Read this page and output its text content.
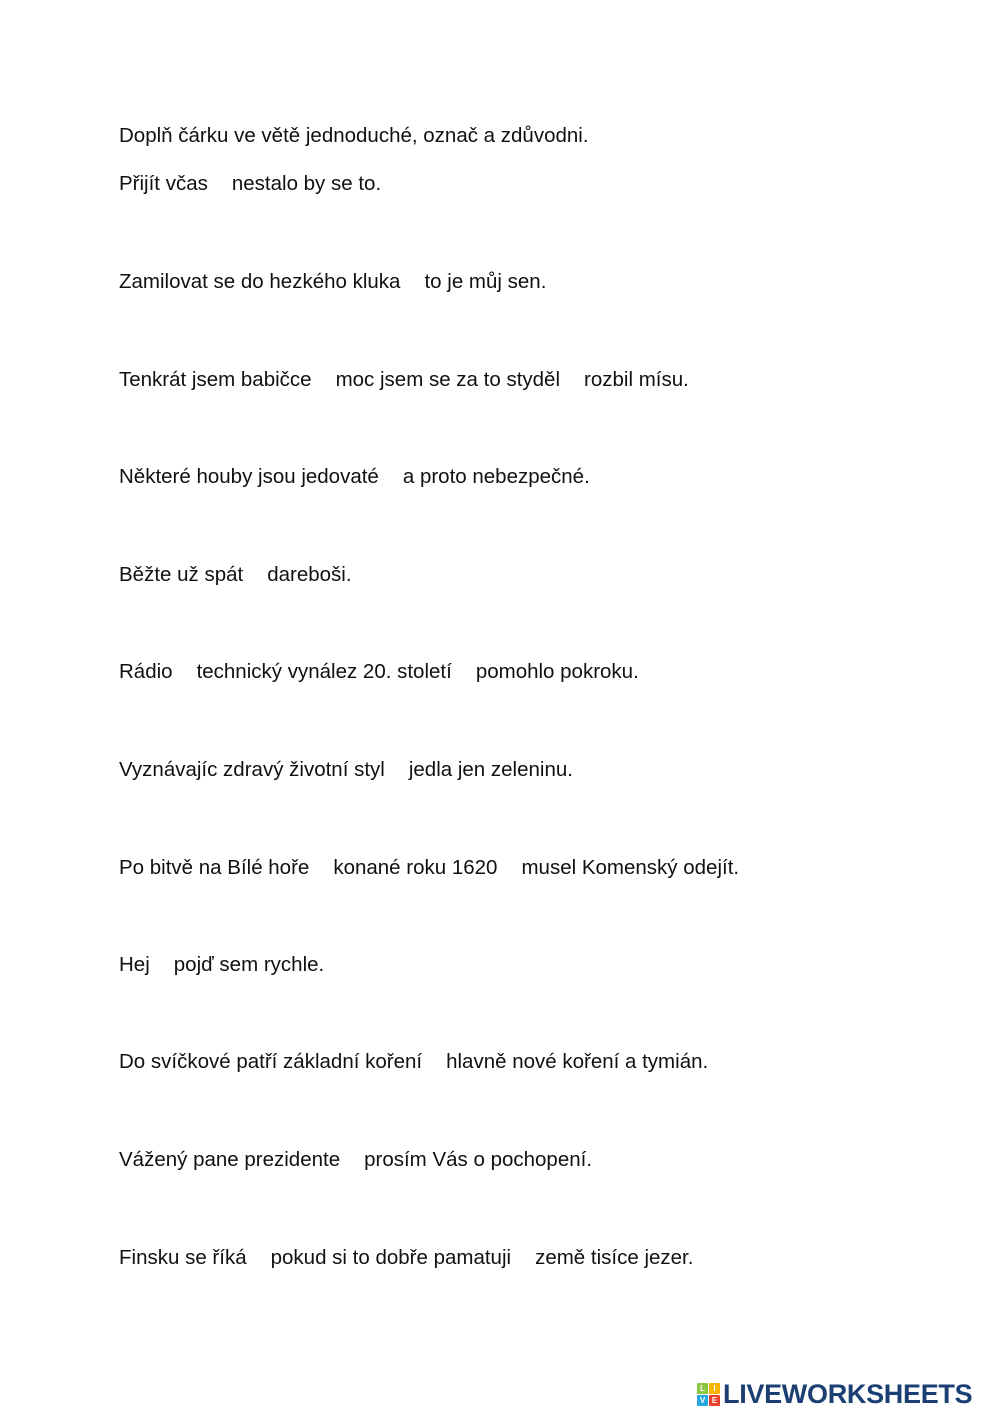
Doplň čárku ve větě jednoduché, označ a zdůvodni.
Přijít včas nestalo by se to.
Zamilovat se do hezkého kluka to je můj sen.
Tenkrát jsem babičce moc jsem se za to styděl rozbil mísu.
Některé houby jsou jedovaté a proto nebezpečné.
Běžte už spát dareboši.
Rádio technický vynález 20. století pomohlo pokroku.
Vyznávajíc zdravý životní styl jedla jen zeleninu.
Po bitvě na Bílé hoře konané roku 1620 musel Komenský odejít.
Hej pojď sem rychle.
Do svíčkové patří základní koření hlavně nové koření a tymián.
Vážený pane prezidente prosím Vás o pochopení.
Finsku se říká pokud si to dobře pamatuji země tisíce jezer.
L	I
V E LIVEWORKSHEETS
